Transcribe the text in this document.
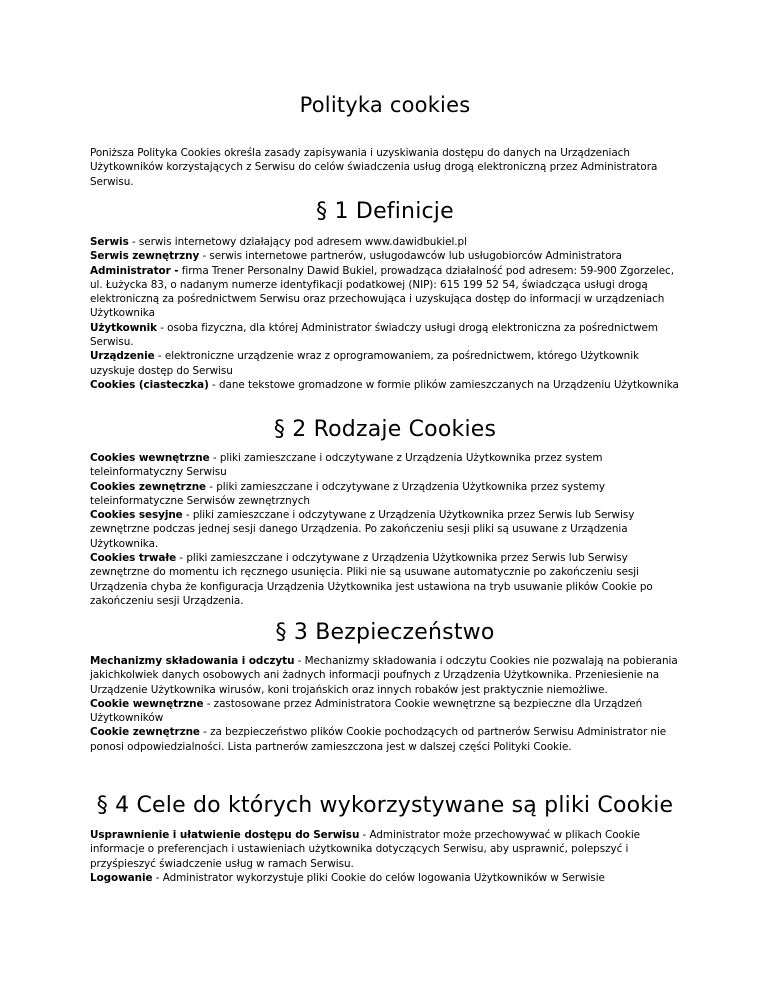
Polityka cookies

Poniższa Polityka Cookies określa zasady zapisywania i uzyskiwania dostępu do danych na Urządzeniach Użytkowników korzystających z Serwisu do celów świadczenia usług drogą elektroniczną przez Administratora Serwisu.

§ 1 Definicje

Serwis - serwis internetowy działający pod adresem www.dawidbukiel.pl

Serwis zewnętrzny - serwis internetowe partnerów, usługodawców lub usługobiorców Administratora

Administrator - firma Trener Personalny Dawid Bukiel, prowadząca działalność pod adresem: 59-900 Zgorzelec, ul. Łużycka 83, o nadanym numerze identyfikacji podatkowej (NIP): 615 199 52 54, świadcząca usługi drogą elektroniczną za pośrednictwem Serwisu oraz przechowująca i uzyskująca dostęp do informacji w urządzeniach Użytkownika

Użytkownik - osoba fizyczna, dla której Administrator świadczy usługi drogą elektroniczna za pośrednictwem Serwisu.

Urządzenie - elektroniczne urządzenie wraz z oprogramowaniem, za pośrednictwem, którego Użytkownik uzyskuje dostęp do Serwisu

Cookies (ciasteczka) - dane tekstowe gromadzone w formie plików zamieszczanych na Urządzeniu Użytkownika

§ 2 Rodzaje Cookies

Cookies wewnętrzne - pliki zamieszczane i odczytywane z Urządzenia Użytkownika przez system teleinformatyczny Serwisu

Cookies zewnętrzne - pliki zamieszczane i odczytywane z Urządzenia Użytkownika przez systemy teleinformatyczne Serwisów zewnętrznych

Cookies sesyjne - pliki zamieszczane i odczytywane z Urządzenia Użytkownika przez Serwis lub Serwisy zewnętrzne podczas jednej sesji danego Urządzenia. Po zakończeniu sesji pliki są usuwane z Urządzenia Użytkownika.

Cookies trwałe - pliki zamieszczane i odczytywane z Urządzenia Użytkownika przez Serwis lub Serwisy zewnętrzne do momentu ich ręcznego usunięcia. Pliki nie są usuwane automatycznie po zakończeniu sesji Urządzenia chyba że konfiguracja Urządzenia Użytkownika jest ustawiona na tryb usuwanie plików Cookie po zakończeniu sesji Urządzenia.

§ 3 Bezpieczeństwo

Mechanizmy składowania i odczytu - Mechanizmy składowania i odczytu Cookies nie pozwalają na pobierania jakichkolwiek danych osobowych ani żadnych informacji poufnych z Urządzenia Użytkownika. Przeniesienie na Urządzenie Użytkownika wirusów, koni trojańskich oraz innych robaków jest praktycznie niemożliwe.

Cookie wewnętrzne - zastosowane przez Administratora Cookie wewnętrzne są bezpieczne dla Urządzeń Użytkowników

Cookie zewnętrzne - za bezpieczeństwo plików Cookie pochodzących od partnerów Serwisu Administrator nie ponosi odpowiedzialności. Lista partnerów zamieszczona jest w dalszej części Polityki Cookie.

§ 4 Cele do których wykorzystywane są pliki Cookie

Usprawnienie i ułatwienie dostępu do Serwisu - Administrator może przechowywać w plikach Cookie informacje o preferencjach i ustawieniach użytkownika dotyczących Serwisu, aby usprawnić, polepszyć i przyśpieszyć świadczenie usług w ramach Serwisu.

Logowanie - Administrator wykorzystuje pliki Cookie do celów logowania Użytkowników w Serwisie
